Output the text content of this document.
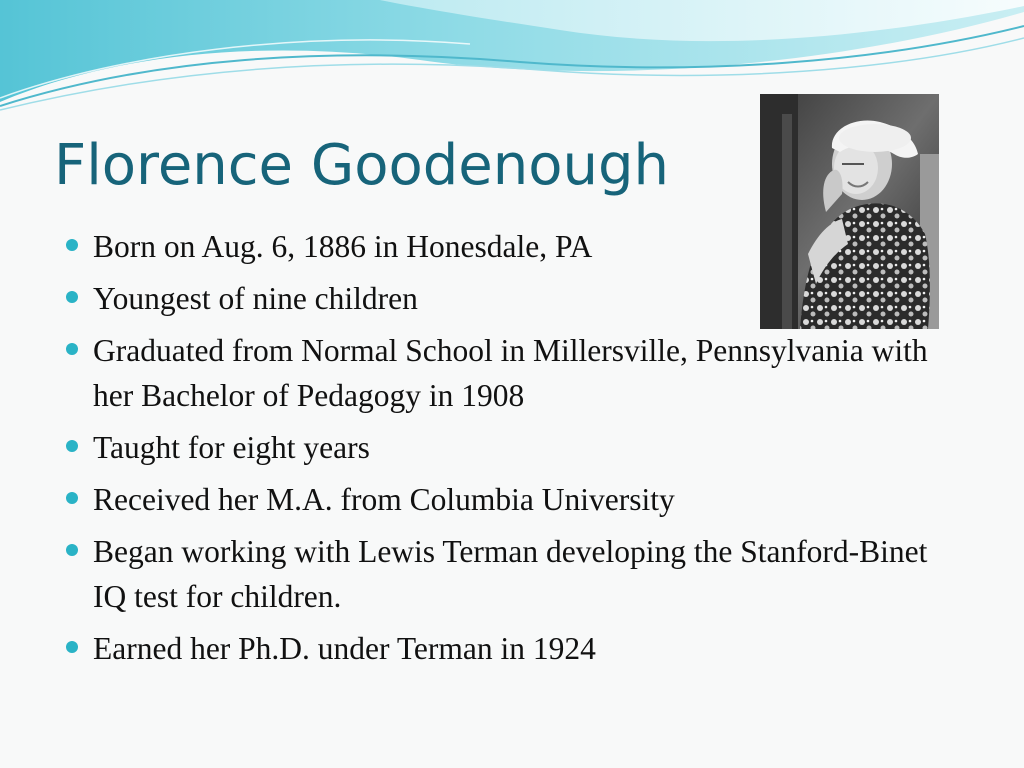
Florence Goodenough
Born on Aug. 6, 1886 in Honesdale, PA
Youngest of nine children
Graduated from Normal School in Millersville, Pennsylvania with her Bachelor of Pedagogy in 1908
Taught for eight years
Received her M.A. from Columbia University
Began working with Lewis Terman developing the Stanford-Binet IQ test for children.
Earned her Ph.D. under Terman in 1924
